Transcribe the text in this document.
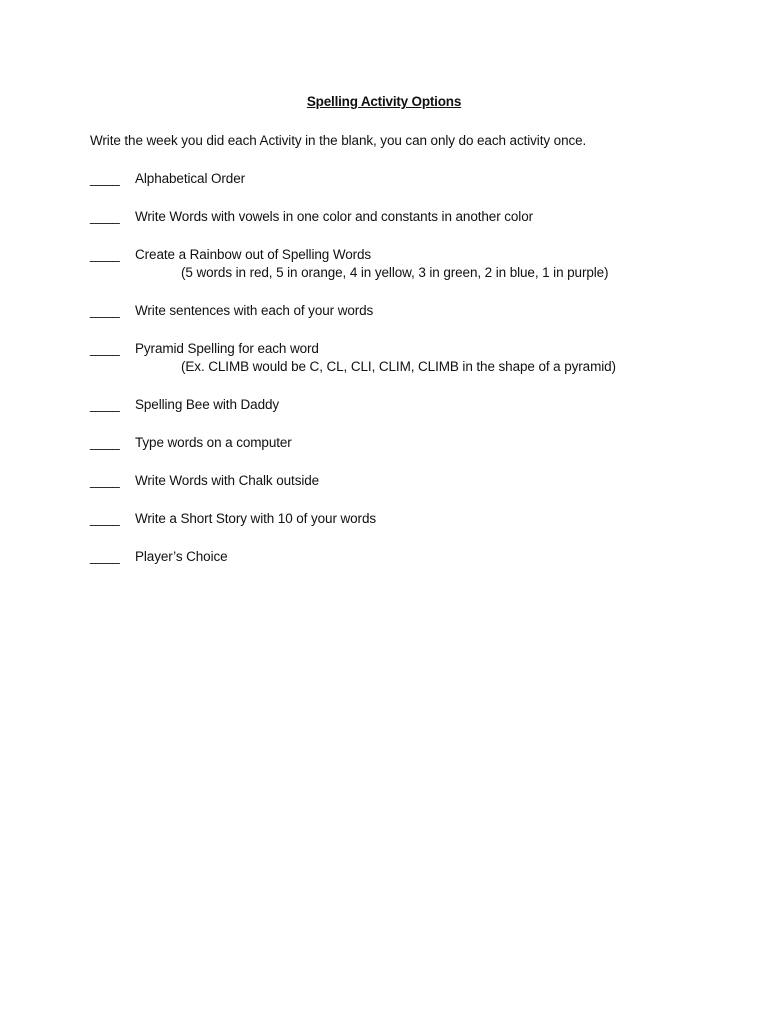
Spelling Activity Options
Write the week you did each Activity in the blank, you can only do each activity once.
____ Alphabetical Order
____ Write Words with vowels in one color and constants in another color
____ Create a Rainbow out of Spelling Words
(5 words in red, 5 in orange, 4 in yellow, 3 in green, 2 in blue, 1 in purple)
____ Write sentences with each of your words
____ Pyramid Spelling for each word
(Ex. CLIMB would be C, CL, CLI, CLIM, CLIMB in the shape of a pyramid)
____ Spelling Bee with Daddy
____ Type words on a computer
____ Write Words with Chalk outside
____ Write a Short Story with 10 of your words
____ Player’s Choice
